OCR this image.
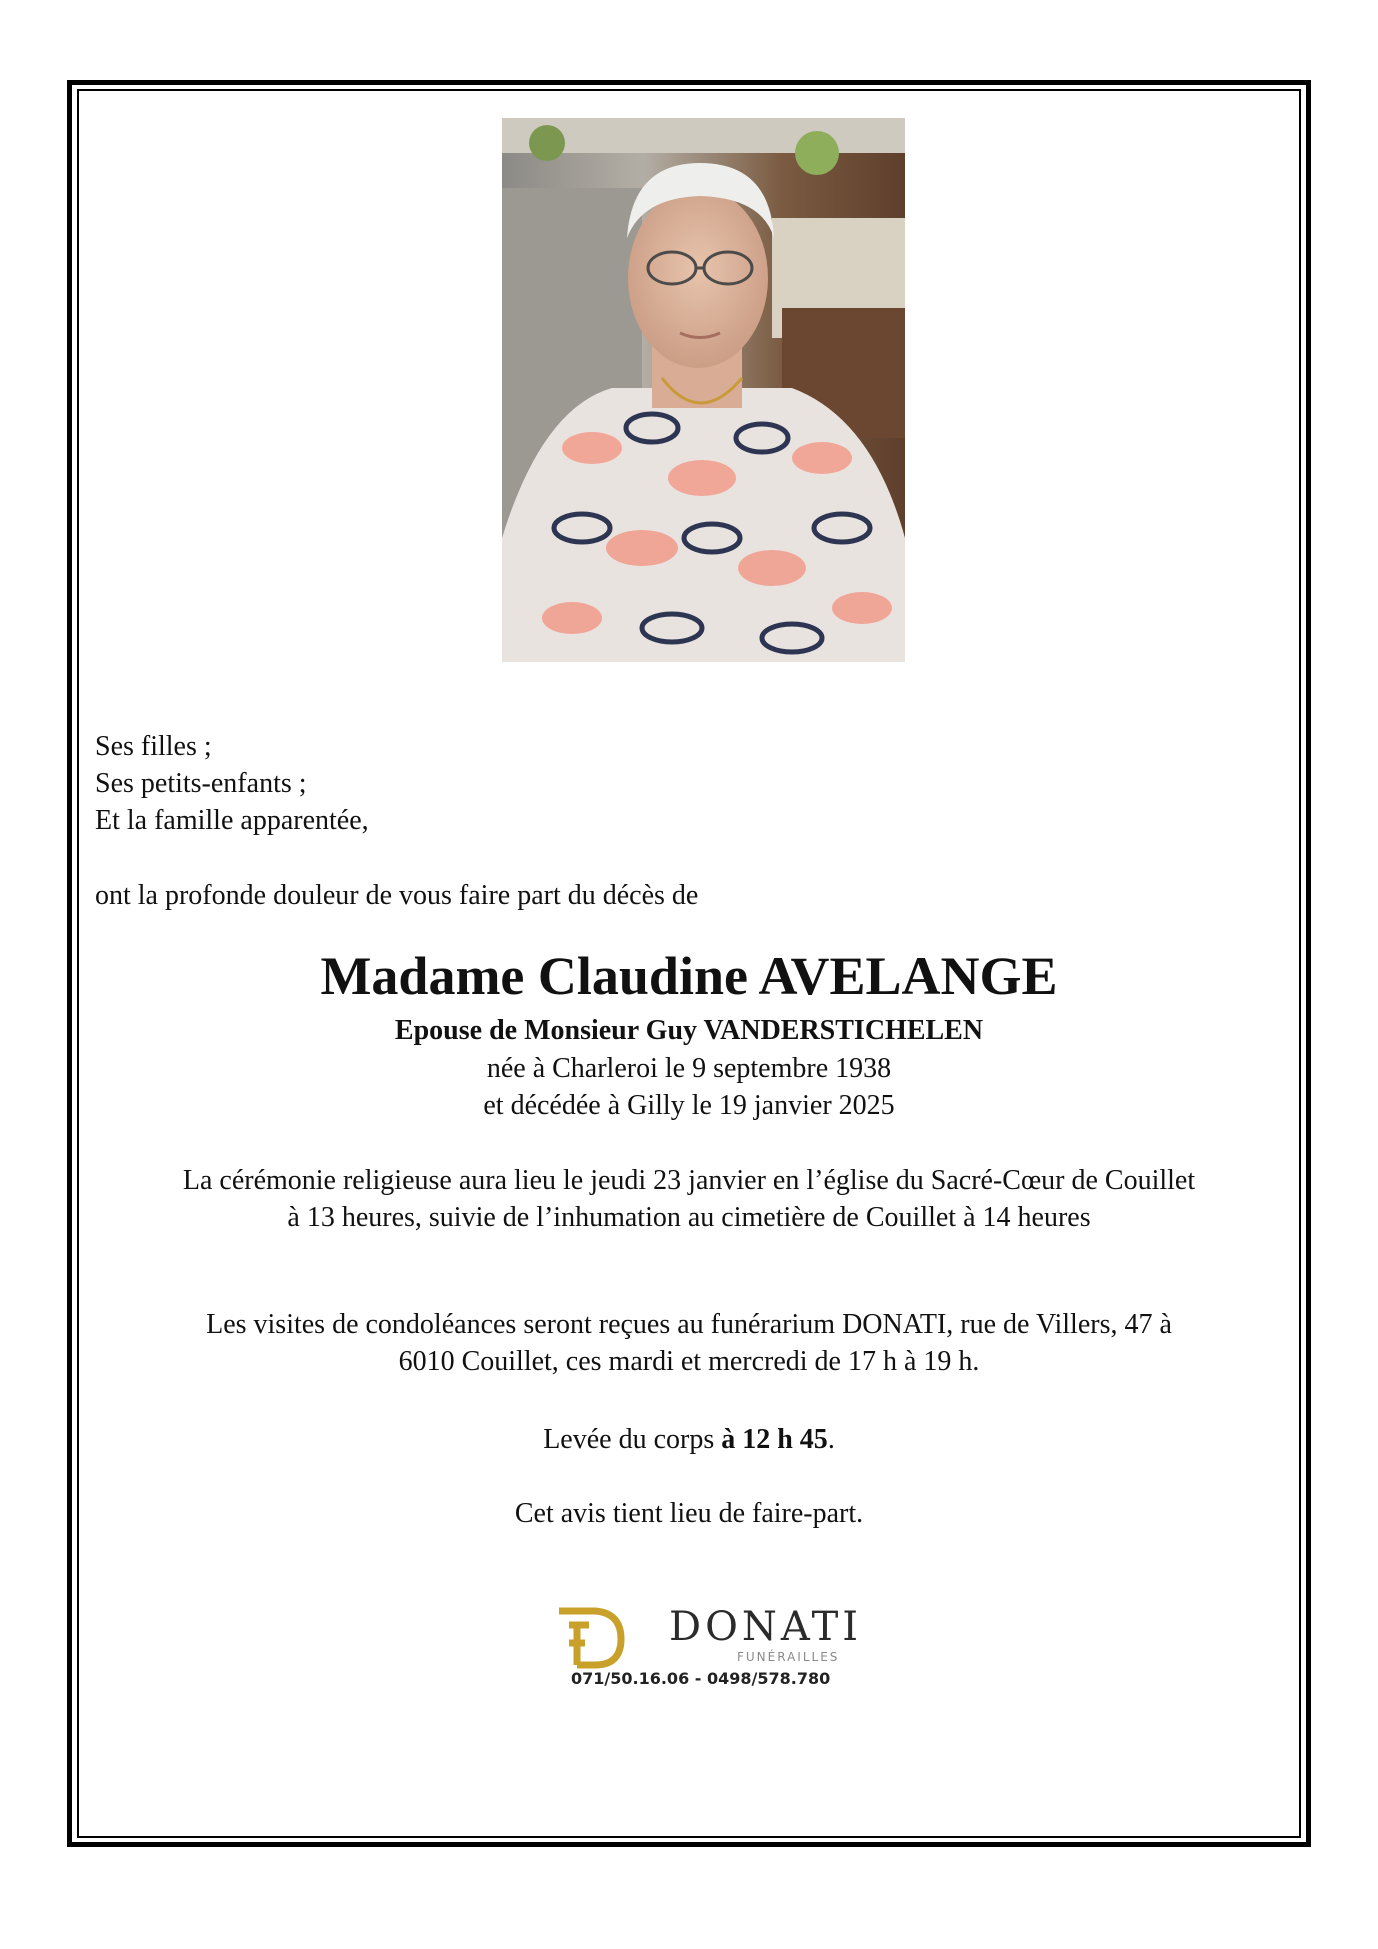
Ses filles ;
Ses petits-enfants ;
Et la famille apparentée,
ont la profonde douleur de vous faire part du décès de
Madame Claudine AVELANGE
Epouse de Monsieur Guy VANDERSTICHELEN
née à Charleroi le 9 septembre 1938
et décédée à Gilly le 19 janvier 2025
La cérémonie religieuse aura lieu le jeudi 23 janvier en l’église du Sacré-Cœur de Couillet
à 13 heures, suivie de l’inhumation au cimetière de Couillet à 14 heures
Les visites de condoléances seront reçues au funérarium DONATI, rue de Villers, 47 à
6010 Couillet, ces mardi et mercredi de 17 h à 19 h.
Levée du corps à 12 h 45.
Cet avis tient lieu de faire-part.
DONATI
FUNÉRAILLES
071/50.16.06 - 0498/578.780
